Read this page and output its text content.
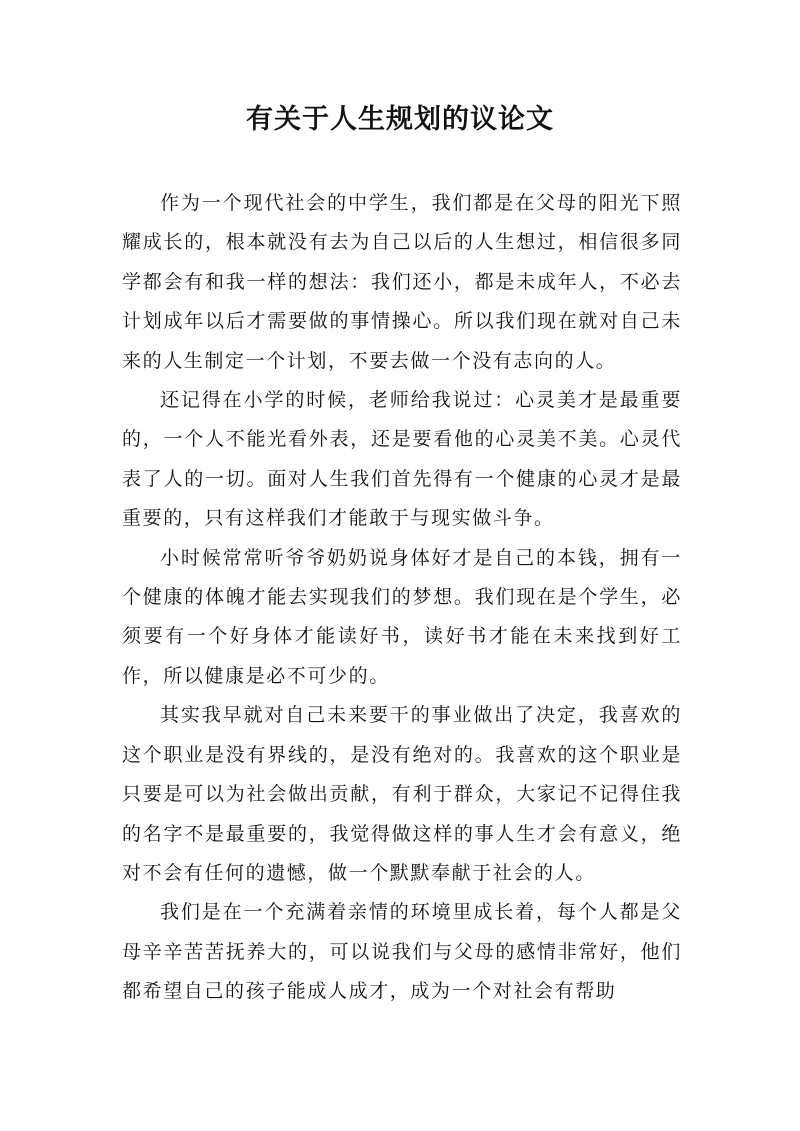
有关于人生规划的议论文

作为一个现代社会的中学生，我们都是在父母的阳光下照耀成长的，根本就没有去为自己以后的人生想过，相信很多同学都会有和我一样的想法：我们还小，都是未成年人，不必去计划成年以后才需要做的事情操心。所以我们现在就对自己未来的人生制定一个计划，不要去做一个没有志向的人。

还记得在小学的时候，老师给我说过：心灵美才是最重要的，一个人不能光看外表，还是要看他的心灵美不美。心灵代表了人的一切。面对人生我们首先得有一个健康的心灵才是最重要的，只有这样我们才能敢于与现实做斗争。

小时候常常听爷爷奶奶说身体好才是自己的本钱，拥有一个健康的体魄才能去实现我们的梦想。我们现在是个学生，必须要有一个好身体才能读好书，读好书才能在未来找到好工作，所以健康是必不可少的。

其实我早就对自己未来要干的事业做出了决定，我喜欢的这个职业是没有界线的，是没有绝对的。我喜欢的这个职业是只要是可以为社会做出贡献，有利于群众，大家记不记得住我的名字不是最重要的，我觉得做这样的事人生才会有意义，绝对不会有任何的遗憾，做一个默默奉献于社会的人。

我们是在一个充满着亲情的环境里成长着，每个人都是父母辛辛苦苦抚养大的，可以说我们与父母的感情非常好，他们都希望自己的孩子能成人成才，成为一个对社会有帮助
